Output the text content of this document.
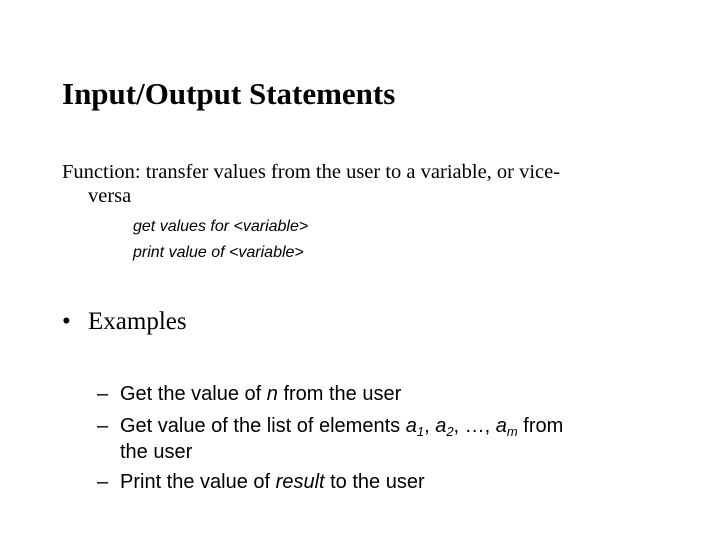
Input/Output Statements
Function: transfer values from the user to a variable, or vice-
versa
get values for <variable>
print value of <variable>
• Examples
– Get the value of n from the user
– Get value of the list of elements $a_1$, $a_2$, …, $a_m$ from
the user
– Print the value of result to the user
